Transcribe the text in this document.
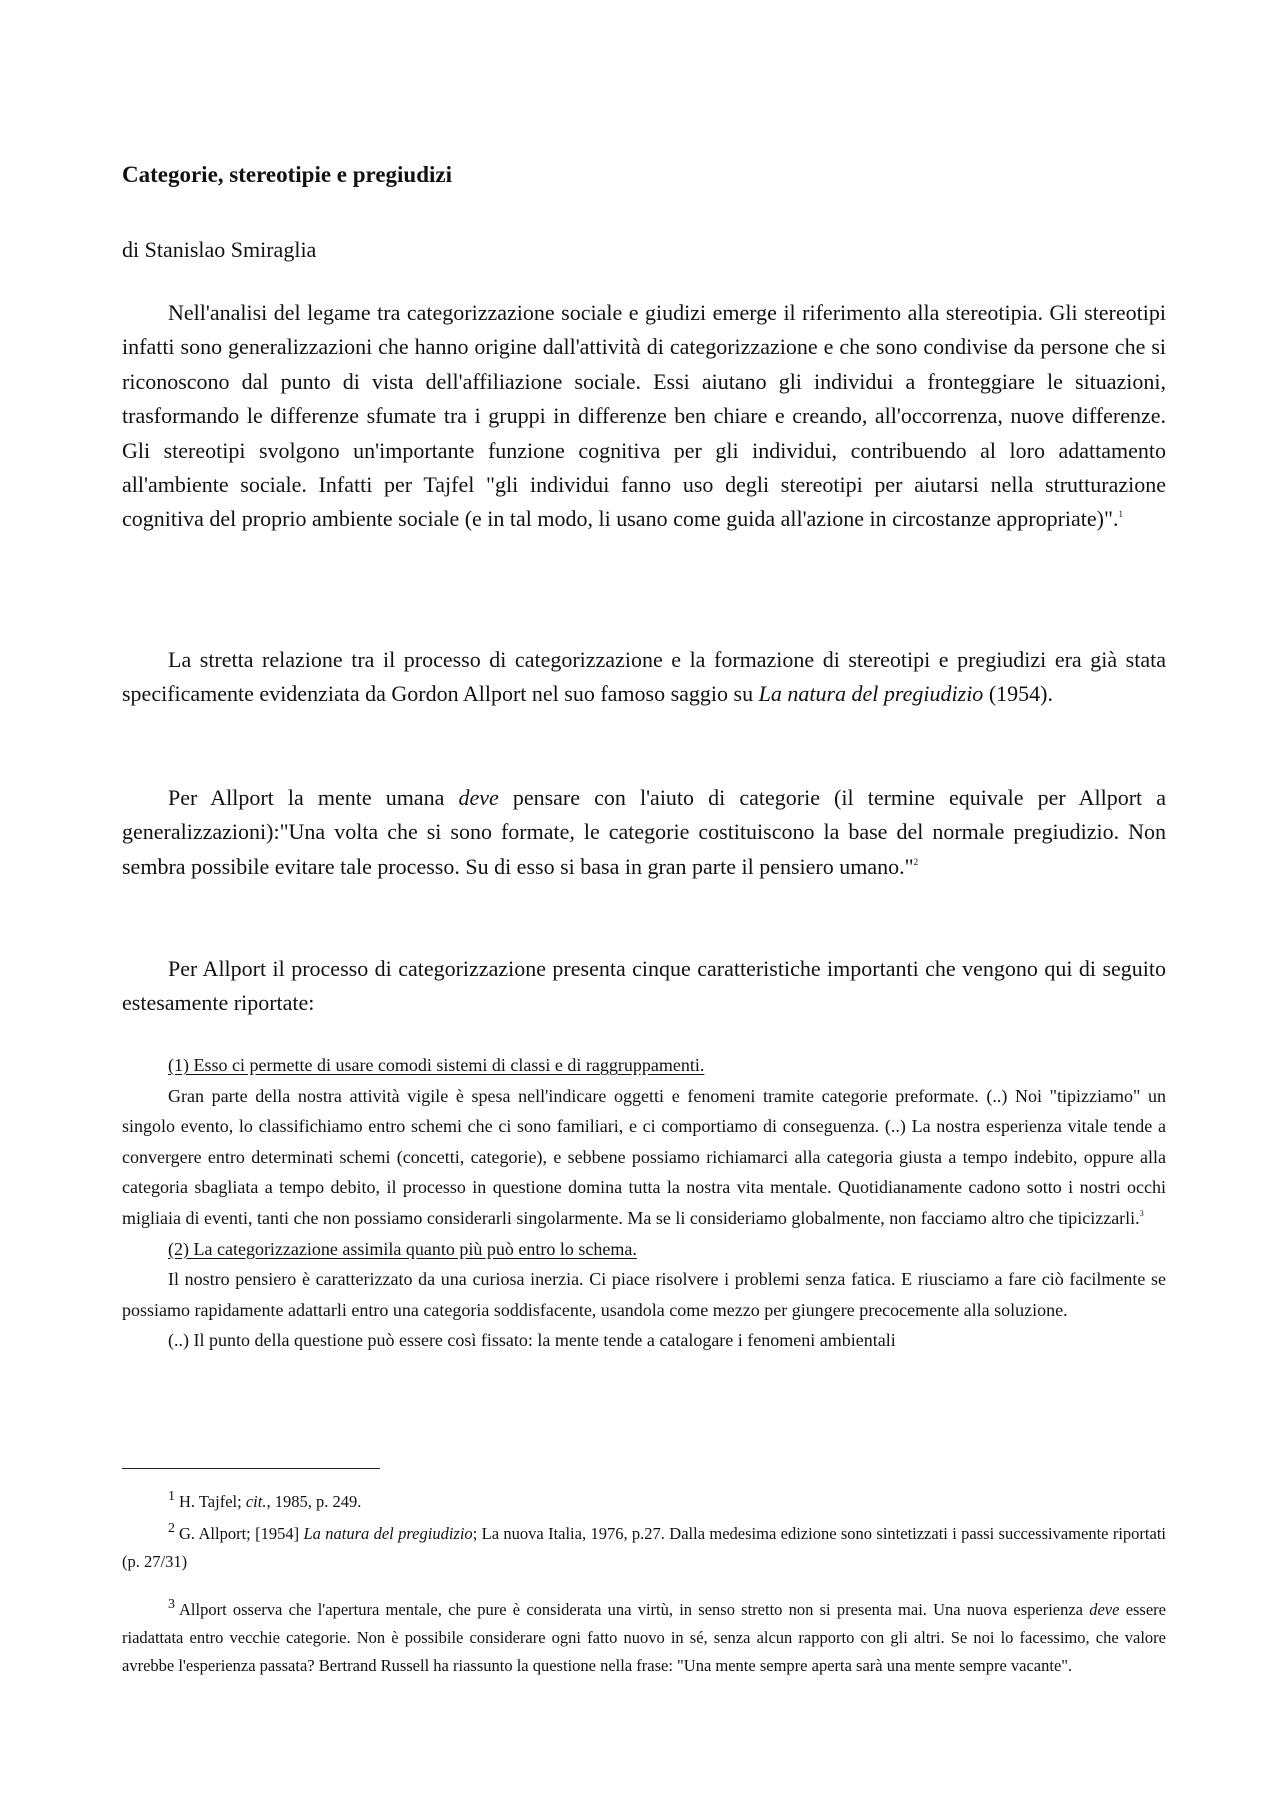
Categorie, stereotipie e pregiudizi
di Stanislao Smiraglia

Nell'analisi del legame tra categorizzazione sociale e giudizi emerge il riferimento alla stereotipia. Gli stereotipi infatti sono generalizzazioni che hanno origine dall'attività di categorizzazione e che sono condivise da persone che si riconoscono dal punto di vista dell'affiliazione sociale. Essi aiutano gli individui a fronteggiare le situazioni, trasformando le differenze sfumate tra i gruppi in differenze ben chiare e creando, all'occorrenza, nuove differenze. Gli stereotipi svolgono un'importante funzione cognitiva per gli individui, contribuendo al loro adattamento all'ambiente sociale. Infatti per Tajfel "gli individui fanno uso degli stereotipi per aiutarsi nella strutturazione cognitiva del proprio ambiente sociale (e in tal modo, li usano come guida all'azione in circostanze appropriate)".$^1$

La stretta relazione tra il processo di categorizzazione e la formazione di stereotipi e pregiudizi era già stata specificamente evidenziata da Gordon Allport nel suo famoso saggio su La natura del pregiudizio (1954).

Per Allport la mente umana deve pensare con l'aiuto di categorie (il termine equivale per Allport a generalizzazioni):"Una volta che si sono formate, le categorie costituiscono la base del normale pregiudizio. Non sembra possibile evitare tale processo. Su di esso si basa in gran parte il pensiero umano."$^2$

Per Allport il processo di categorizzazione presenta cinque caratteristiche importanti che vengono qui di seguito estesamente riportate:

(1) Esso ci permette di usare comodi sistemi di classi e di raggruppamenti.

Gran parte della nostra attività vigile è spesa nell'indicare oggetti e fenomeni tramite categorie preformate. (..) Noi "tipizziamo" un singolo evento, lo classifichiamo entro schemi che ci sono familiari, e ci comportiamo di conseguenza. (..) La nostra esperienza vitale tende a convergere entro determinati schemi (concetti, categorie), e sebbene possiamo richiamarci alla categoria giusta a tempo indebito, oppure alla categoria sbagliata a tempo debito, il processo in questione domina tutta la nostra vita mentale. Quotidianamente cadono sotto i nostri occhi migliaia di eventi, tanti che non possiamo considerarli singolarmente. Ma se li consideriamo globalmente, non facciamo altro che tipicizzarli.$^3$

(2) La categorizzazione assimila quanto più può entro lo schema.

Il nostro pensiero è caratterizzato da una curiosa inerzia. Ci piace risolvere i problemi senza fatica. E riusciamo a fare ciò facilmente se possiamo rapidamente adattarli entro una categoria soddisfacente, usandola come mezzo per giungere precocemente alla soluzione.

(..) Il punto della questione può essere così fissato: la mente tende a catalogare i fenomeni ambientali

$^1$ H. Tajfel; cit., 1985, p. 249.
$^2$ G. Allport; [1954] La natura del pregiudizio; La nuova Italia, 1976, p.27. Dalla medesima edizione sono sintetizzati i passi successivamente riportati (p. 27/31)
$^3$ Allport osserva che l'apertura mentale, che pure è considerata una virtù, in senso stretto non si presenta mai. Una nuova esperienza deve essere riadattata entro vecchie categorie. Non è possibile considerare ogni fatto nuovo in sé, senza alcun rapporto con gli altri. Se noi lo facessimo, che valore avrebbe l'esperienza passata? Bertrand Russell ha riassunto la questione nella frase: "Una mente sempre aperta sarà una mente sempre vacante".
